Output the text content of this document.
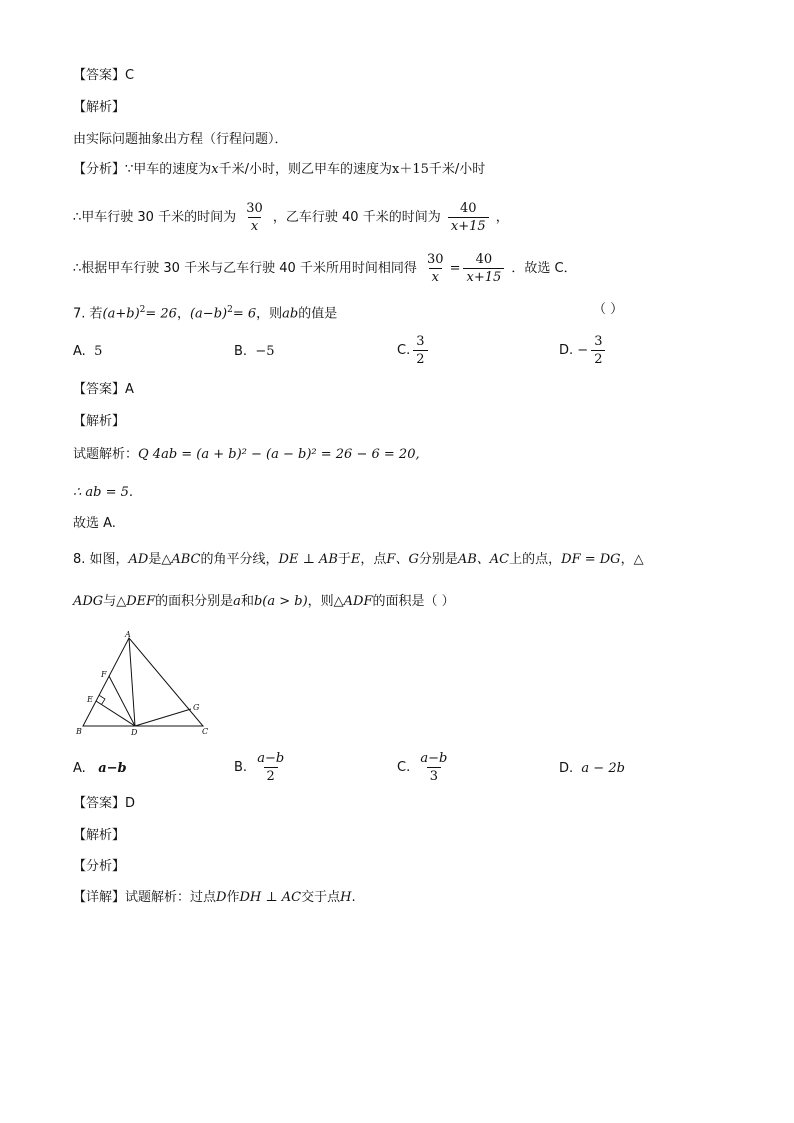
【答案】C
【解析】
由实际问题抽象出方程（行程问题）．
【分析】∵甲车的速度为x千米/小时，则乙甲车的速度为x＋15千米/小时
∴甲车行驶 30 千米的时间为 $\frac{30}{x}$ ，乙车行驶 40 千米的时间为 $\frac{40}{x+15}$ ，
∴根据甲车行驶 30 千米与乙车行驶 40 千米所用时间相同得 $\frac{30}{x} = \frac{40}{x+15}$ ．故选 C．
7. 若$(a+b)^2= 26$，$(a-b)^2= 6$，则ab的值是	（ ）
A. 5	B. −5	C. $\frac{3}{2}$	D. − $\frac{3}{2}$
【答案】A
【解析】
试题解析：Q 4ab = (a + b)² − (a − b)² = 26 − 6 = 20,
∴ ab = 5.
故选 A.
8. 如图，AD是△ABC的角平分线，DE ⊥ AB于E，点F、G分别是AB、AC上的点，DF = DG，△
ADG与△DEF的面积分别是a和b(a > b)，则△ADF的面积是（ ）
A
B	C
D
E
F
G
A. a−b	B. $\frac{a-b}{2}$	C. $\frac{a-b}{3}$	D. a − 2b
【答案】D
【解析】
【分析】
【详解】试题解析：过点D作DH ⊥ AC交于点H.
